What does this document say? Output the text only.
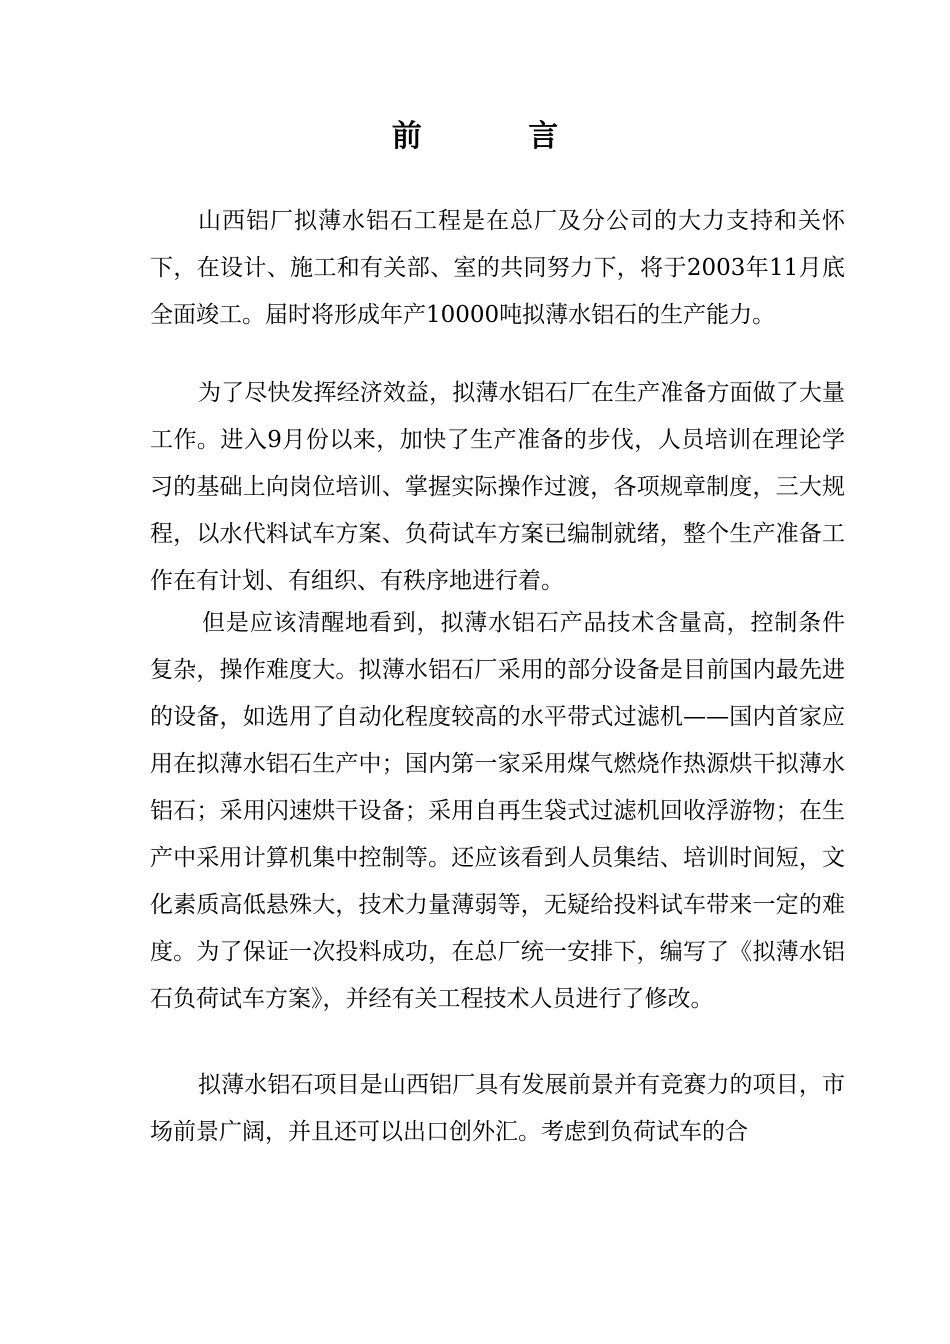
前 言

山西铝厂拟薄水铝石工程是在总厂及分公司的大力支持和关怀下，在设计、施工和有关部、室的共同努力下，将于2003年11月底全面竣工。届时将形成年产10000吨拟薄水铝石的生产能力。

为了尽快发挥经济效益，拟薄水铝石厂在生产准备方面做了大量工作。进入9月份以来，加快了生产准备的步伐，人员培训在理论学习的基础上向岗位培训、掌握实际操作过渡，各项规章制度，三大规程，以水代料试车方案、负荷试车方案已编制就绪，整个生产准备工作在有计划、有组织、有秩序地进行着。

但是应该清醒地看到，拟薄水铝石产品技术含量高，控制条件复杂，操作难度大。拟薄水铝石厂采用的部分设备是目前国内最先进的设备，如选用了自动化程度较高的水平带式过滤机——国内首家应用在拟薄水铝石生产中；国内第一家采用煤气燃烧作热源烘干拟薄水铝石；采用闪速烘干设备；采用自再生袋式过滤机回收浮游物；在生产中采用计算机集中控制等。还应该看到人员集结、培训时间短，文化素质高低悬殊大，技术力量薄弱等，无疑给投料试车带来一定的难度。为了保证一次投料成功，在总厂统一安排下，编写了《拟薄水铝石负荷试车方案》，并经有关工程技术人员进行了修改。

拟薄水铝石项目是山西铝厂具有发展前景并有竞赛力的项目，市场前景广阔，并且还可以出口创外汇。考虑到负荷试车的合
